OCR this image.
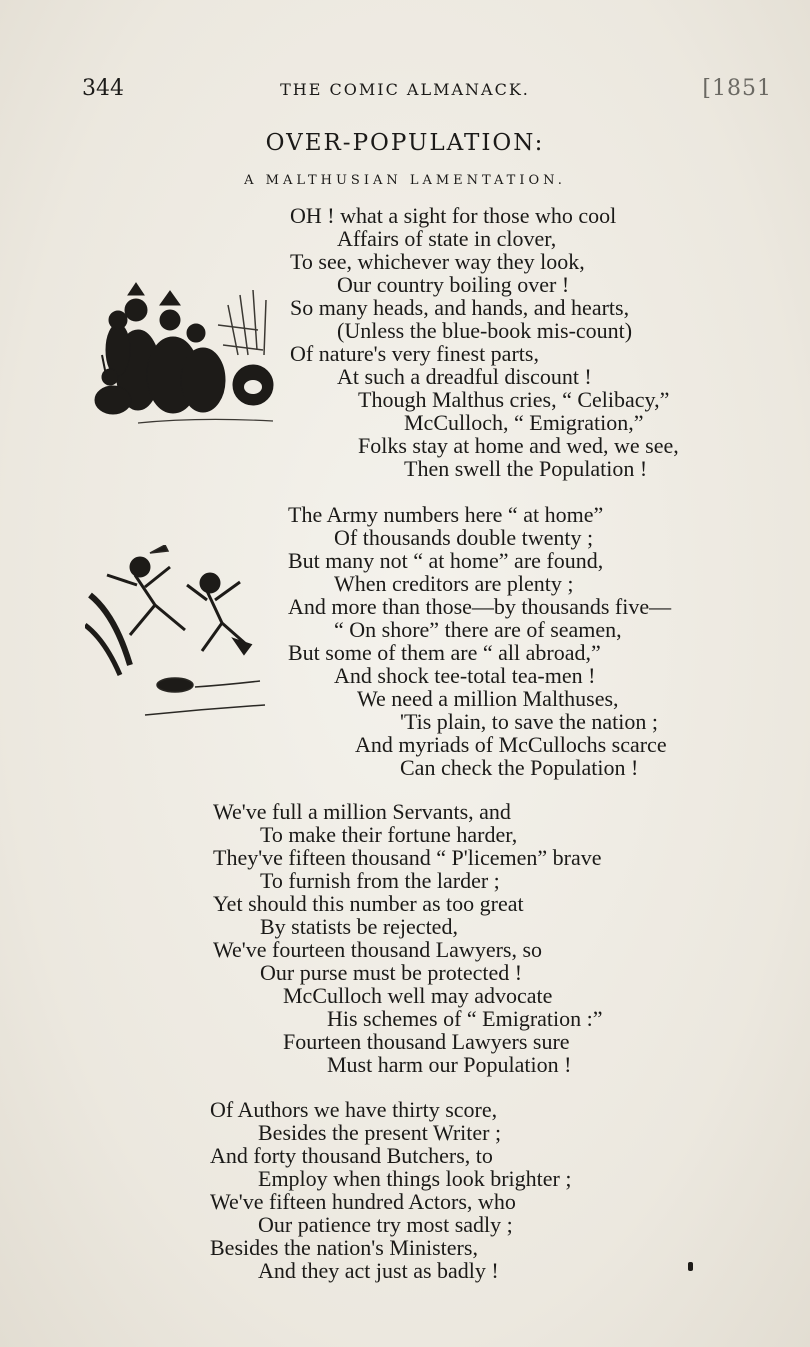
344	THE COMIC ALMANACK.	[1851
OVER-POPULATION:
A MALTHUSIAN LAMENTATION.
OH ! what a sight for those who cool
Affairs of state in clover,
To see, whichever way they look,
Our country boiling over !
So many heads, and hands, and hearts,
(Unless the blue-book mis-count)
Of nature's very finest parts,
At such a dreadful discount !
Though Malthus cries, “ Celibacy,”
McCulloch, “ Emigration,”
Folks stay at home and wed, we see,
Then swell the Population !
The Army numbers here “ at home”
Of thousands double twenty ;
But many not “ at home” are found,
When creditors are plenty ;
And more than those—by thousands five—
“ On shore” there are of seamen,
But some of them are “ all abroad,”
And shock tee-total tea-men !
We need a million Malthuses,
'Tis plain, to save the nation ;
And myriads of McCullochs scarce
Can check the Population !
We've full a million Servants, and
To make their fortune harder,
They've fifteen thousand “ P'licemen” brave
To furnish from the larder ;
Yet should this number as too great
By statists be rejected,
We've fourteen thousand Lawyers, so
Our purse must be protected !
McCulloch well may advocate
His schemes of “ Emigration :”
Fourteen thousand Lawyers sure
Must harm our Population !
Of Authors we have thirty score,
Besides the present Writer ;
And forty thousand Butchers, to
Employ when things look brighter ;
We've fifteen hundred Actors, who
Our patience try most sadly ;
Besides the nation's Ministers,
And they act just as badly !
